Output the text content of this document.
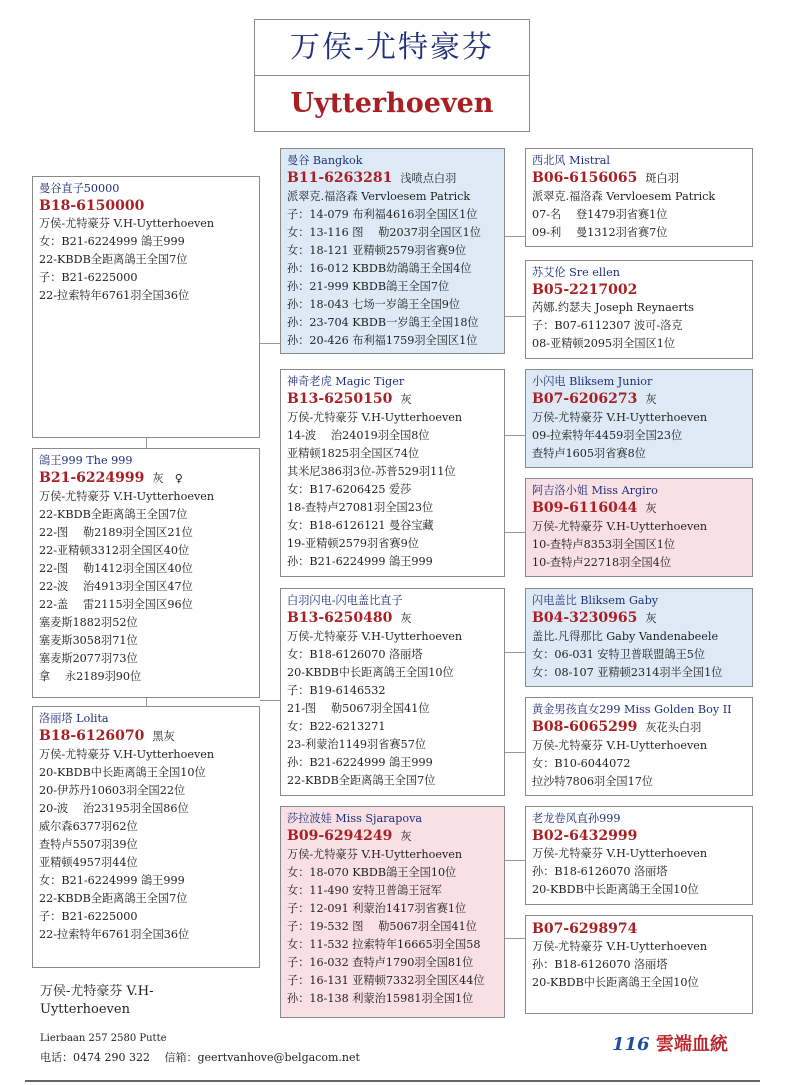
万侯-尤特豪芬
Uytterhoeven
曼谷直子50000
B18-6150000
万侯-尤特豪芬 V.H-Uytterhoeven
女：B21-6224999 鴿王999
22-KBDB全距离鴿王全国7位
子：B21-6225000
22-拉索特年6761羽全国36位
鴿王999 The 999
B21-6224999 灰　♀
万侯-尤特豪芬 V.H-Uytterhoeven
22-KBDB全距离鴿王全国7位
22-图　 勒2189羽全国区21位
22-亚精顿3312羽全国区40位
22-图　 勒1412羽全国区40位
22-波　 治4913羽全国区47位
22-盖　 雷2115羽全国区96位
塞麦斯1882羽52位
塞麦斯3058羽71位
塞麦斯2077羽73位
拿　 永2189羽90位
洛丽塔 Lolita
B18-6126070 黑灰
万侯-尤特豪芬 V.H-Uytterhoeven
20-KBDB中长距离鴿王全国10位
20-伊苏丹10603羽全国22位
20-波　 治23195羽全国86位
威尔森6377羽62位
查特卢5507羽39位
亚精顿4957羽44位
女：B21-6224999 鴿王999
22-KBDB全距离鴿王全国7位
子：B21-6225000
22-拉索特年6761羽全国36位
曼谷 Bangkok
B11-6263281 浅喷点白羽
派翠克.福洛森 Vervloesem Patrick
子：14-079 布利福4616羽全国区1位
女：13-116 图　 勒2037羽全国区1位
女：18-121 亚精顿2579羽省赛9位
孙：16-012 KBDB幼鴿鴿王全国4位
孙：21-999 KBDB鴿王全国7位
孙：18-043 七场一岁鴿王全国9位
孙：23-704 KBDB一岁鴿王全国18位
孙：20-426 布利福1759羽全国区1位
神奇老虎 Magic Tiger
B13-6250150 灰
万侯-尤特豪芬 V.H-Uytterhoeven
14-波　 治24019羽全国8位
亚精顿1825羽全国区74位
其米尼386羽3位-苏普529羽11位
女：B17-6206425 爱莎
18-查特卢27081羽全国23位
女：B18-6126121 曼谷宝藏
19-亚精顿2579羽省赛9位
孙：B21-6224999 鴿王999
白羽闪电-闪电盖比直子
B13-6250480 灰
万侯-尤特豪芬 V.H-Uytterhoeven
女：B18-6126070 洛丽塔
20-KBDB中长距离鴿王全国10位
子：B19-6146532
21-图　 勒5067羽全国41位
女：B22-6213271
23-利蒙治1149羽省赛57位
孙：B21-6224999 鴿王999
22-KBDB全距离鴿王全国7位
莎拉波娃 Miss Sjarapova
B09-6294249 灰
万侯-尤特豪芬 V.H-Uytterhoeven
女：18-070 KBDB鴿王全国10位
女：11-490 安特卫普鴿王冠军
子：12-091 利蒙治1417羽省赛1位
子：19-532 图　 勒5067羽全国41位
女：11-532 拉索特年16665羽全国58
子：16-032 查特卢1790羽全国81位
子：16-131 亚精顿7332羽全国区44位
孙：18-138 利蒙治15981羽全国1位
西北风 Mistral
B06-6156065 斑白羽
派翠克.福洛森 Vervloesem Patrick
07-名　 登1479羽省赛1位
09-利　 曼1312羽省赛7位
苏艾伦 Sre ellen
B05-2217002
芮娜.约瑟夫 Joseph Reynaerts
子：B07-6112307 波可-洛克
08-亚精顿2095羽全国区1位
小闪电 Bliksem Junior
B07-6206273 灰
万侯-尤特豪芬 V.H-Uytterhoeven
09-拉索特年4459羽全国23位
查特卢1605羽省赛8位
阿吉洛小姐 Miss Argiro
B09-6116044 灰
万侯-尤特豪芬 V.H-Uytterhoeven
10-查特卢8353羽全国区1位
10-查特卢22718羽全国4位
闪电盖比 Bliksem Gaby
B04-3230965 灰
盖比.凡得那比 Gaby Vandenabeele
女：06-031 安特卫普联盟鴿王5位
女：08-107 亚精顿2314羽半全国1位
黄金男孩直女299 Miss Golden Boy II
B08-6065299 灰花头白羽
万侯-尤特豪芬 V.H-Uytterhoeven
女：B10-6044072
拉沙特7806羽全国17位
老龙卷风直孙999
B02-6432999
万侯-尤特豪芬 V.H-Uytterhoeven
孙：B18-6126070 洛丽塔
20-KBDB中长距离鴿王全国10位
B07-6298974
万侯-尤特豪芬 V.H-Uytterhoeven
孙：B18-6126070 洛丽塔
20-KBDB中长距离鴿王全国10位
万侯-尤特豪芬 V.H-Uytterhoeven
Lierbaan 257 2580 Putte
电话：0474 290 322　 信箱：geertvanhove@belgacom.net
116 雲端血統
